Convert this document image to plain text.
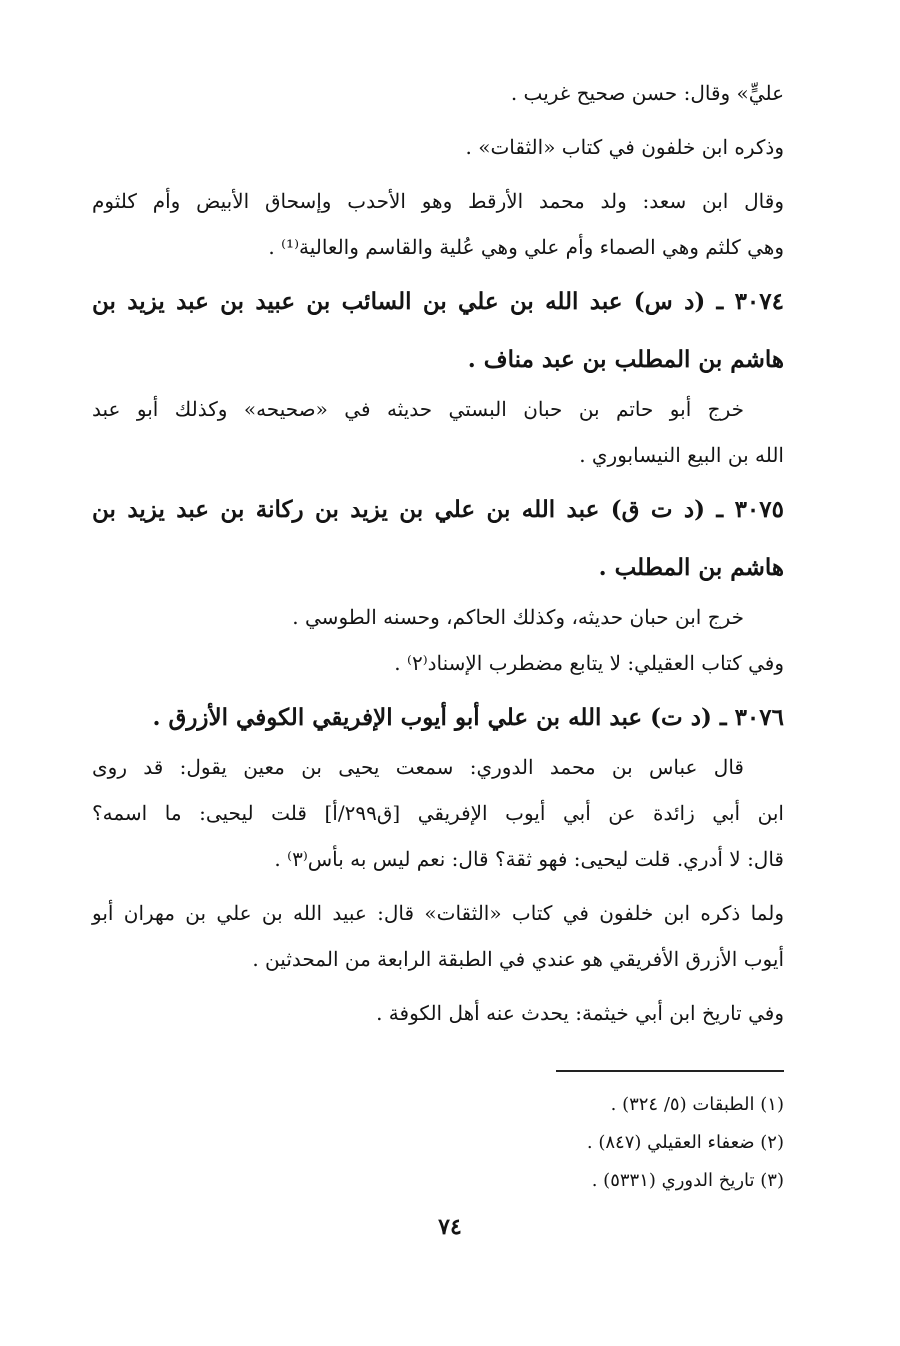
عليٍّ» وقال: حسن صحيح غريب .
وذكره ابن خلفون في كتاب «الثقات» .
وقال ابن سعد: ولد محمد الأرقط وهو الأحدب وإسحاق الأبيض وأم كلثوم
وهي كلثم وهي الصماء وأم علي وهي عُلية والقاسم والعالية⁽¹⁾ .
٣٠٧٤ ـ (د س) عبد الله بن علي بن السائب بن عبيد بن عبد يزيد بن
هاشم بن المطلب بن عبد مناف .
خرج أبو حاتم بن حبان البستي حديثه في «صحيحه» وكذلك أبو عبد
الله بن البيع النيسابوري .
٣٠٧٥ ـ (د ت ق) عبد الله بن علي بن يزيد بن ركانة بن عبد يزيد بن
هاشم بن المطلب .
خرج ابن حبان حديثه، وكذلك الحاكم، وحسنه الطوسي .
وفي كتاب العقيلي: لا يتابع مضطرب الإسناد⁽٢⁾ .
٣٠٧٦ ـ (د ت) عبد الله بن علي أبو أيوب الإفريقي الكوفي الأزرق .
قال عباس بن محمد الدوري: سمعت يحيى بن معين يقول: قد روى
ابن أبي زائدة عن أبي أيوب الإفريقي [ق٢٩٩/أ] قلت ليحيى: ما اسمه؟
قال: لا أدري. قلت ليحيى: فهو ثقة؟ قال: نعم ليس به بأس⁽٣⁾ .
ولما ذكره ابن خلفون في كتاب «الثقات» قال: عبيد الله بن علي بن مهران أبو
أيوب الأزرق الأفريقي هو عندي في الطبقة الرابعة من المحدثين .
وفي تاريخ ابن أبي خيثمة: يحدث عنه أهل الكوفة .
(١) الطبقات (٥/ ٣٢٤) .
(٢) ضعفاء العقيلي (٨٤٧) .
(٣) تاريخ الدوري (٥٣٣١) .
٧٤
